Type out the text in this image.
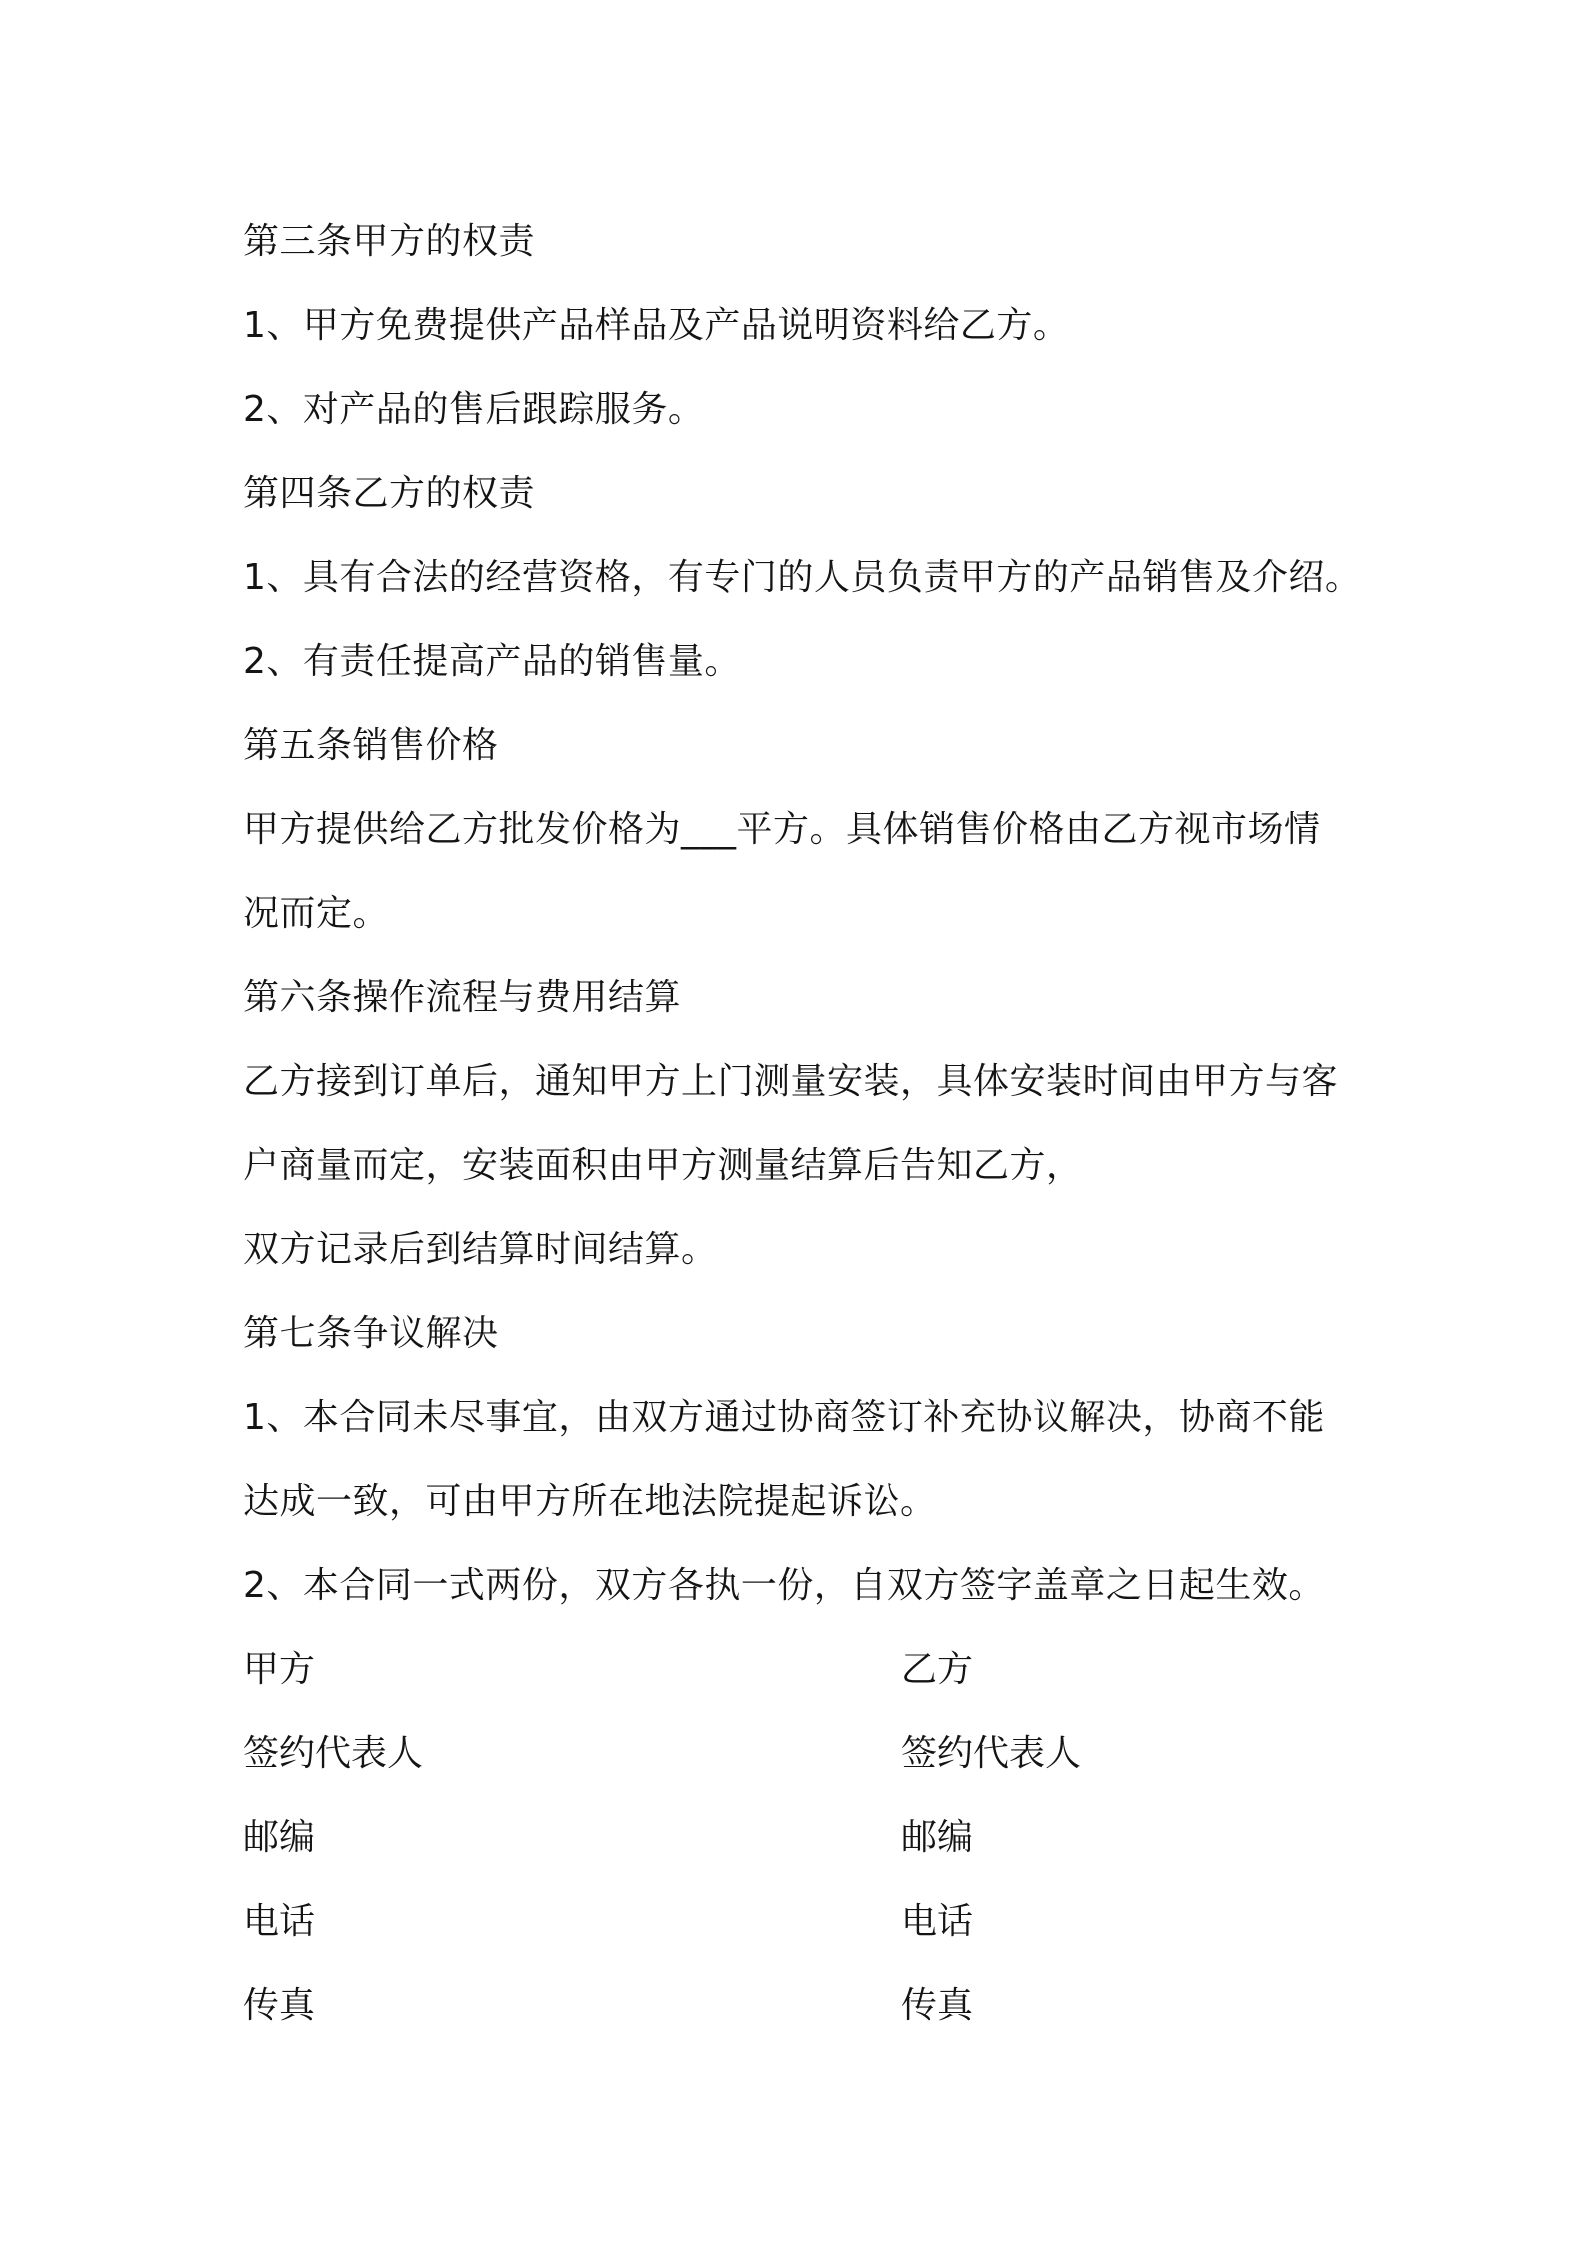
第三条甲方的权责
1、甲方免费提供产品样品及产品说明资料给乙方。
2、对产品的售后跟踪服务。
第四条乙方的权责
1、具有合法的经营资格，有专门的人员负责甲方的产品销售及介绍。
2、有责任提高产品的销售量。
第五条销售价格
甲方提供给乙方批发价格为___平方。具体销售价格由乙方视市场情
况而定。
第六条操作流程与费用结算
乙方接到订单后，通知甲方上门测量安装，具体安装时间由甲方与客
户商量而定，安装面积由甲方测量结算后告知乙方，
双方记录后到结算时间结算。
第七条争议解决
1、本合同未尽事宜，由双方通过协商签订补充协议解决，协商不能
达成一致，可由甲方所在地法院提起诉讼。
2、本合同一式两份，双方各执一份，自双方签字盖章之日起生效。
甲方	乙方
签约代表人	签约代表人
邮编	邮编
电话	电话
传真	传真
